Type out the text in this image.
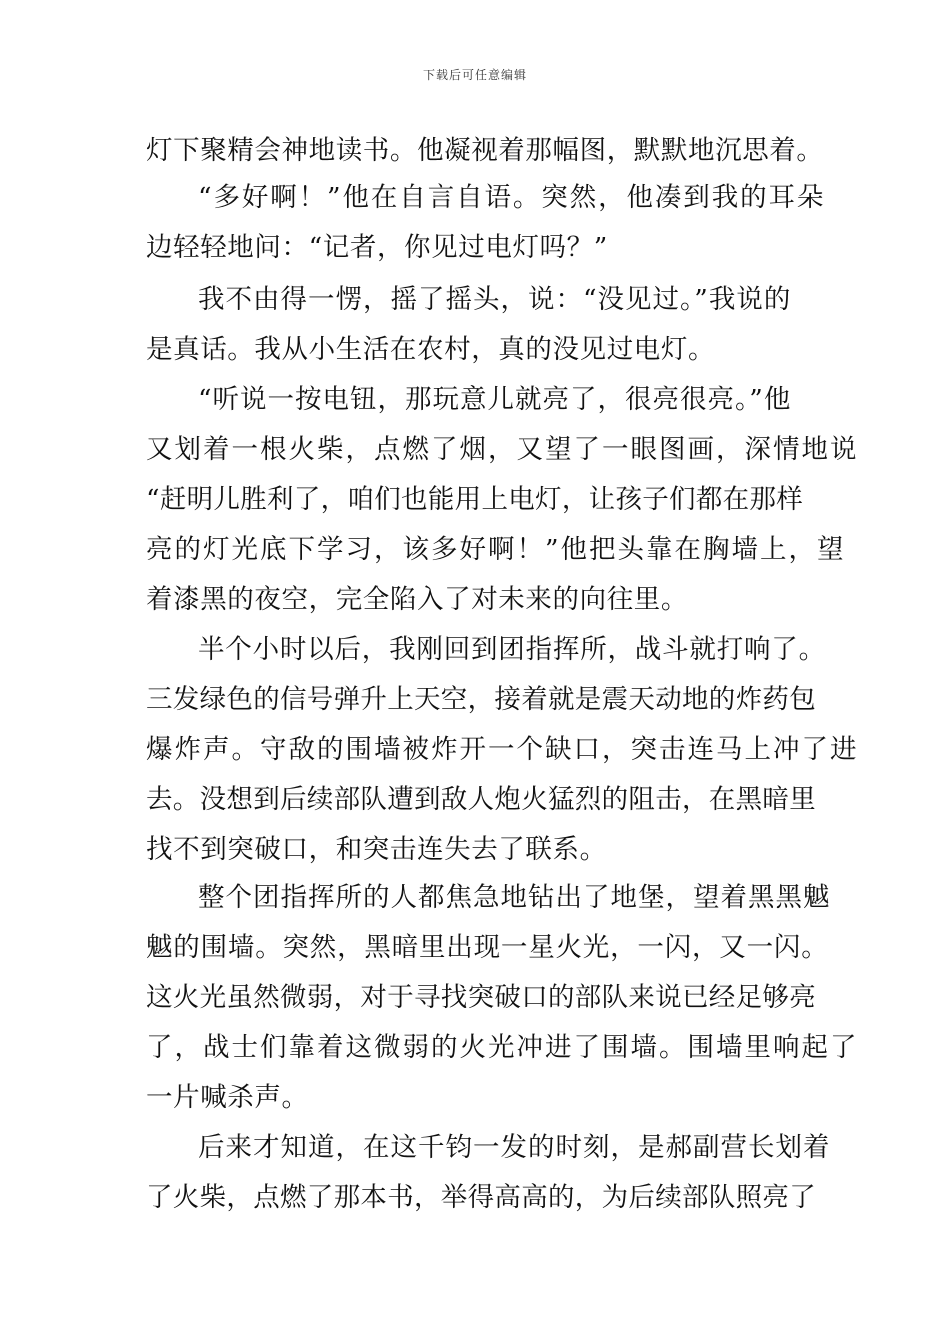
下载后可任意编辑
灯下聚精会神地读书。他凝视着那幅图，默默地沉思着。
“多好啊！”他在自言自语。突然，他凑到我的耳朵
边轻轻地问：“记者，你见过电灯吗？”
我不由得一愣，摇了摇头，说：“没见过。”我说的
是真话。我从小生活在农村，真的没见过电灯。
“听说一按电钮，那玩意儿就亮了，很亮很亮。”他
又划着一根火柴，点燃了烟，又望了一眼图画，深情地说
“赶明儿胜利了，咱们也能用上电灯，让孩子们都在那样
亮的灯光底下学习，该多好啊！”他把头靠在胸墙上，望
着漆黑的夜空，完全陷入了对未来的向往里。
半个小时以后，我刚回到团指挥所，战斗就打响了。
三发绿色的信号弹升上天空，接着就是震天动地的炸药包
爆炸声。守敌的围墙被炸开一个缺口，突击连马上冲了进
去。没想到后续部队遭到敌人炮火猛烈的阻击，在黑暗里
找不到突破口，和突击连失去了联系。
整个团指挥所的人都焦急地钻出了地堡，望着黑黑魆
魆的围墙。突然，黑暗里出现一星火光，一闪，又一闪。
这火光虽然微弱，对于寻找突破口的部队来说已经足够亮
了，战士们靠着这微弱的火光冲进了围墙。围墙里响起了
一片喊杀声。
后来才知道，在这千钧一发的时刻，是郝副营长划着
了火柴，点燃了那本书，举得高高的，为后续部队照亮了
